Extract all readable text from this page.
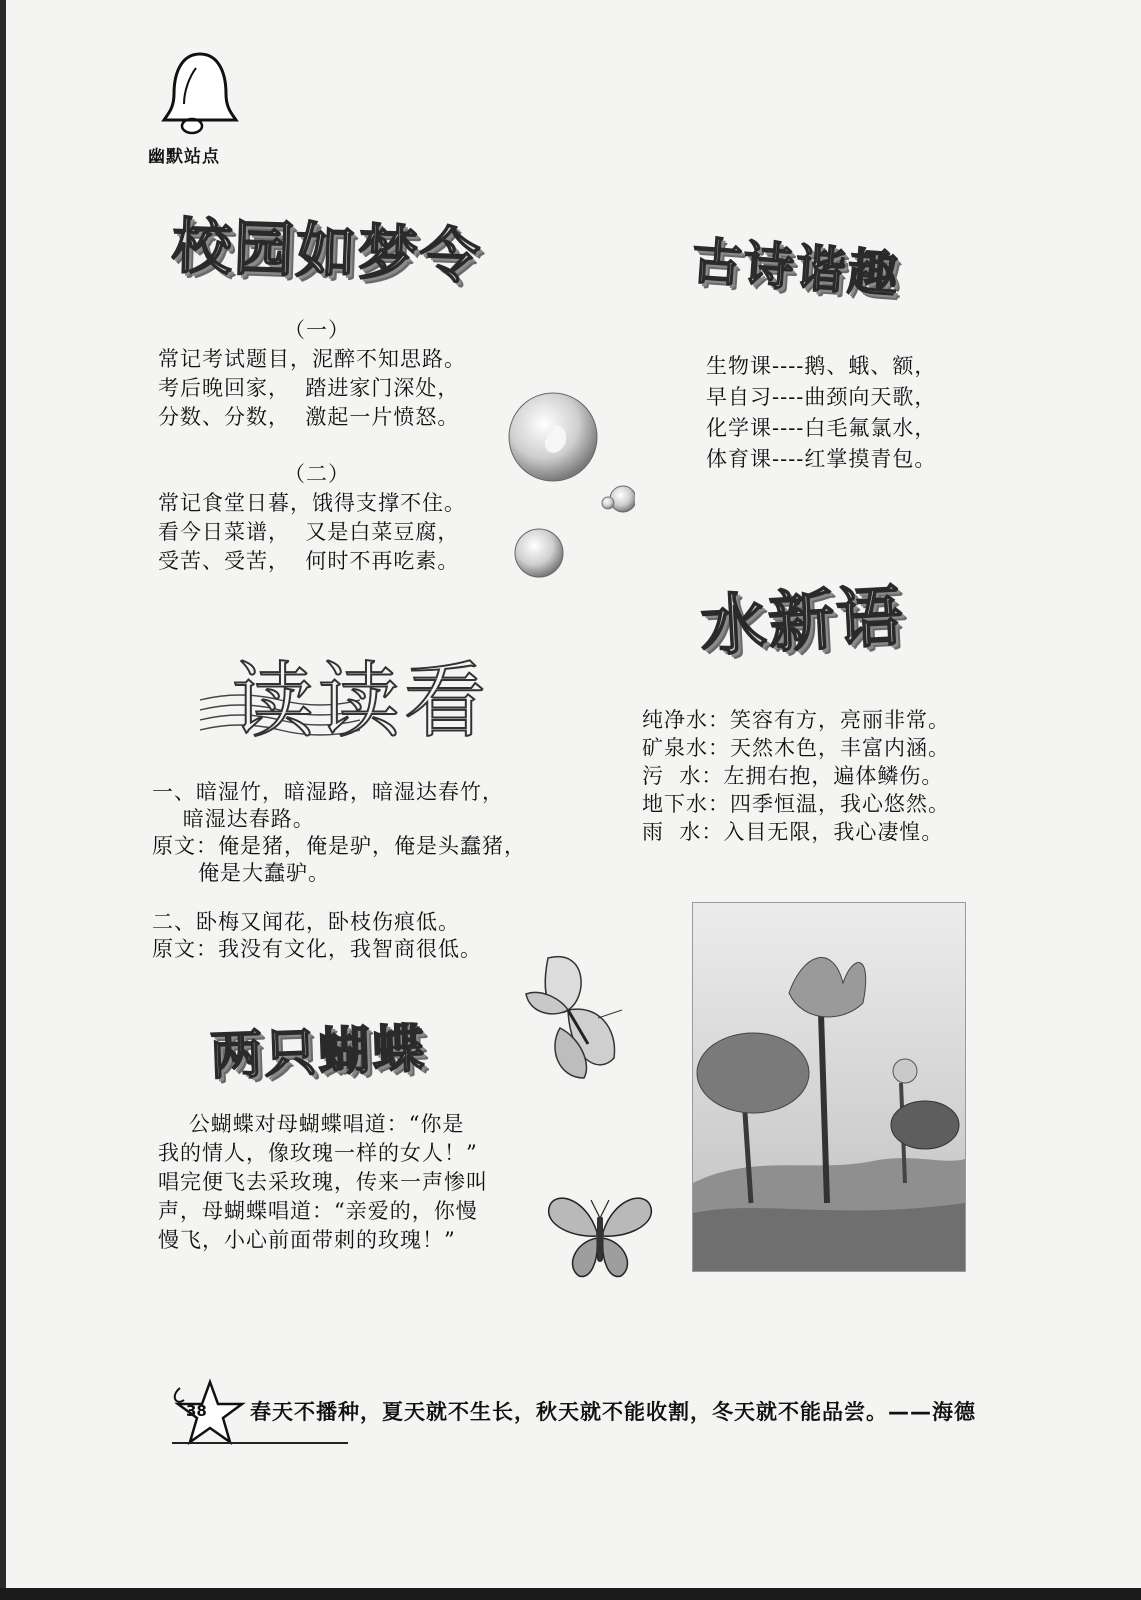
幽默站点
校园如梦令
（一）
常记考试题目，泥醉不知思路。
考后晚回家，  踏进家门深处，
分数、分数，  激起一片愤怒。
（二）
常记食堂日暮，饿得支撑不住。
看今日菜谱，  又是白菜豆腐，
受苦、受苦，  何时不再吃素。
读读看
一、暗湿竹，暗湿路，暗湿达春竹，
暗湿达春路。
原文：俺是猪，俺是驴，俺是头蠢猪，
俺是大蠢驴。
二、卧梅又闻花，卧枝伤痕低。
原文：我没有文化，我智商很低。
两只蝴蝶
公蝴蝶对母蝴蝶唱道：“你是
我的情人，像玫瑰一样的女人！”
唱完便飞去采玫瑰，传来一声惨叫
声，母蝴蝶唱道：“亲爱的，你慢
慢飞，小心前面带刺的玫瑰！”
古诗谐趣
生物课----鹅、蛾、额，
早自习----曲颈向天歌，
化学课----白毛氟氯水，
体育课----红掌摸青包。
水新语
纯净水：笑容有方，亮丽非常。
矿泉水：天然木色，丰富内涵。
污  水：左拥右抱，遍体鳞伤。
地下水：四季恒温，我心悠然。
雨  水：入目无限，我心凄惶。
38 春天不播种，夏天就不生长，秋天就不能收割，冬天就不能品尝。——海德
